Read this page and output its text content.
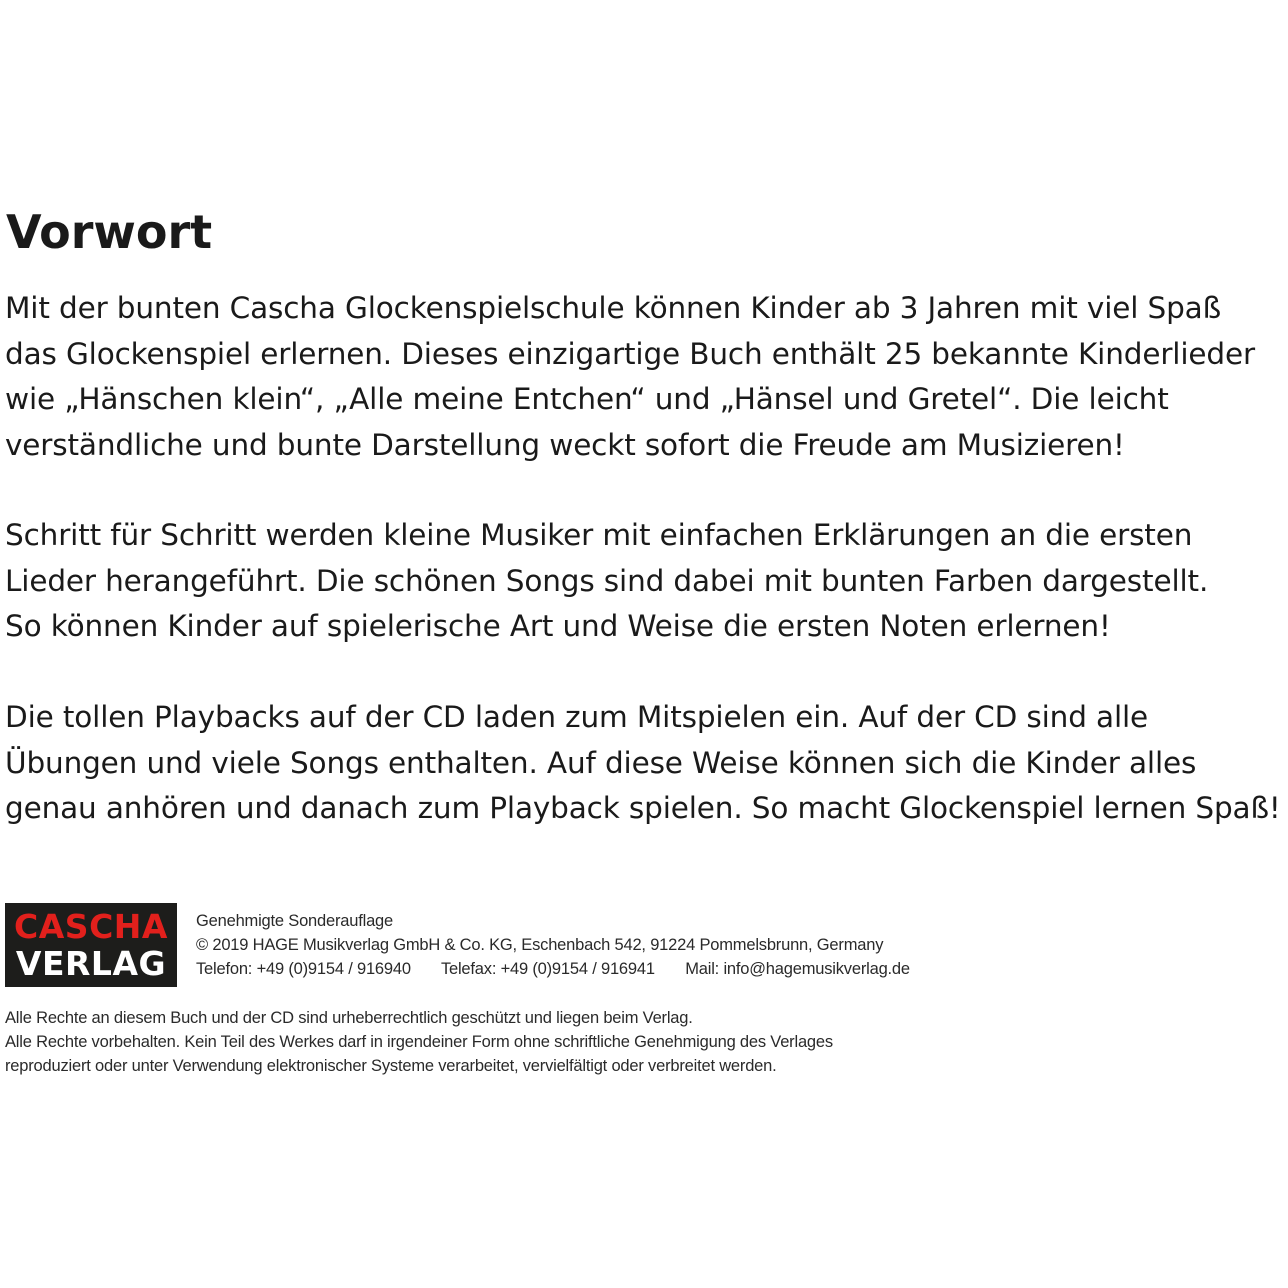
Vorwort

Mit der bunten Cascha Glockenspielschule können Kinder ab 3 Jahren mit viel Spaß
das Glockenspiel erlernen. Dieses einzigartige Buch enthält 25 bekannte Kinderlieder
wie „Hänschen klein“, „Alle meine Entchen“ und „Hänsel und Gretel“. Die leicht
verständliche und bunte Darstellung weckt sofort die Freude am Musizieren!

Schritt für Schritt werden kleine Musiker mit einfachen Erklärungen an die ersten
Lieder herangeführt. Die schönen Songs sind dabei mit bunten Farben dargestellt.
So können Kinder auf spielerische Art und Weise die ersten Noten erlernen!

Die tollen Playbacks auf der CD laden zum Mitspielen ein. Auf der CD sind alle
Übungen und viele Songs enthalten. Auf diese Weise können sich die Kinder alles
genau anhören und danach zum Playback spielen. So macht Glockenspiel lernen Spaß!

CASCHA
VERLAG
Genehmigte Sonderauflage
© 2019 HAGE Musikverlag GmbH & Co. KG, Eschenbach 542, 91224 Pommelsbrunn, Germany
Telefon: +49 (0)9154 / 916940 Telefax: +49 (0)9154 / 916941 Mail: info@hagemusikverlag.de
Alle Rechte an diesem Buch und der CD sind urheberrechtlich geschützt und liegen beim Verlag.
Alle Rechte vorbehalten. Kein Teil des Werkes darf in irgendeiner Form ohne schriftliche Genehmigung des Verlages
reproduziert oder unter Verwendung elektronischer Systeme verarbeitet, vervielfältigt oder verbreitet werden.
